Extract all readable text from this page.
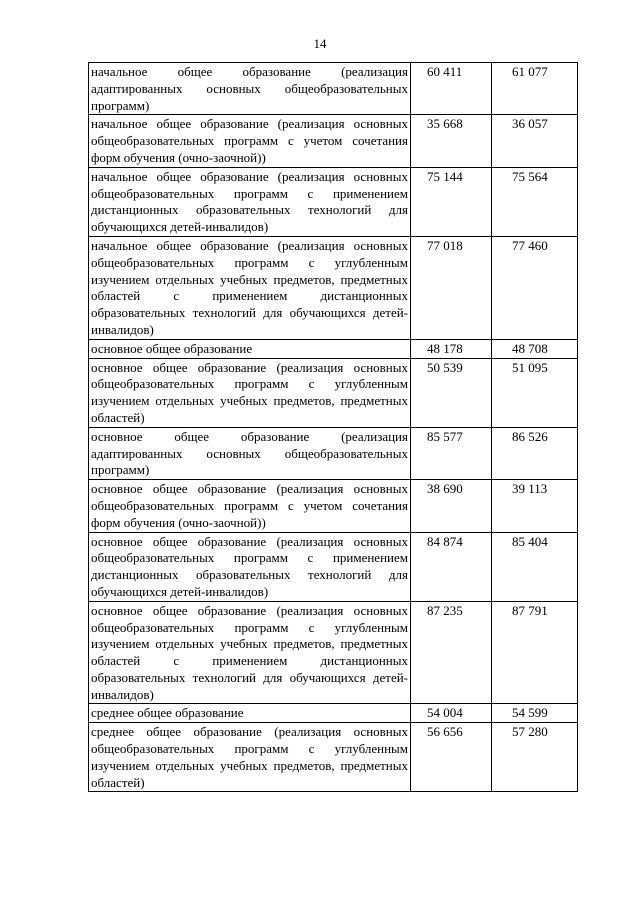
14
начальное общее образование (реализация адаптированных основных общеобразовательных программ)	60 411	61 077
начальное общее образование (реализация основных общеобразовательных программ с учетом сочетания форм обучения (очно-заочной))	35 668	36 057
начальное общее образование (реализация основных общеобразовательных программ с применением дистанционных образовательных технологий для обучающихся детей-инвалидов)	75 144	75 564
начальное общее образование (реализация основных общеобразовательных программ с углубленным изучением отдельных учебных предметов, предметных областей с применением дистанционных образовательных технологий для обучающихся детей-инвалидов)	77 018	77 460
основное общее образование	48 178	48 708
основное общее образование (реализация основных общеобразовательных программ с углубленным изучением отдельных учебных предметов, предметных областей)	50 539	51 095
основное общее образование (реализация адаптированных основных общеобразовательных программ)	85 577	86 526
основное общее образование (реализация основных общеобразовательных программ с учетом сочетания форм обучения (очно-заочной))	38 690	39 113
основное общее образование (реализация основных общеобразовательных программ с применением дистанционных образовательных технологий для обучающихся детей-инвалидов)	84 874	85 404
основное общее образование (реализация основных общеобразовательных программ с углубленным изучением отдельных учебных предметов, предметных областей с применением дистанционных образовательных технологий для обучающихся детей-инвалидов)	87 235	87 791
среднее общее образование	54 004	54 599
среднее общее образование (реализация основных общеобразовательных программ с углубленным изучением отдельных учебных предметов, предметных областей)	56 656	57 280
